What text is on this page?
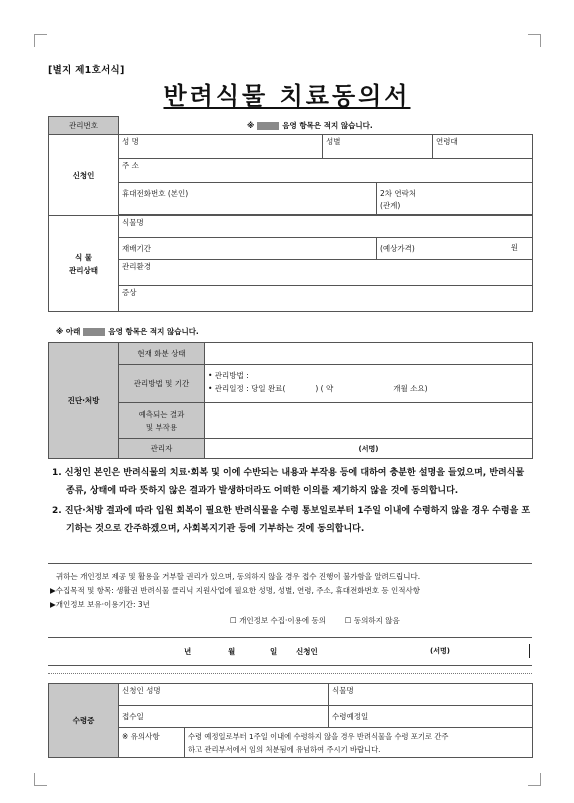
[별지 제1호서식]
반려식물 치료동의서
관리번호	※ 음영 항목은 적지 않습니다.			
신청인	성 명	성별		연령대
	주 소			
	휴대전화번호 (본인)		2차 연락처
(관계)	

식 물
관리상태	식물명			
	재배기간		(예상가격) 원	

	관리환경			
	증상			
※ 아래	음영 항목은 적지 않습니다.
진단·처방	현재 화분 상태	
	관리방법 및 기간	• 관리방법 :
• 관리일정 : 당일 완료( ) ( 약 개월 소요)

	예측되는 결과
및 부작용	

	관리자	(서명)

1. 신청인 본인은 반려식물의 치료·회복 및 이에 수반되는 내용과 부작용 등에 대하여 충분한 설명을 들었으며, 반려식물 종류, 상태에 따라 뜻하지 않은 결과가 발생하더라도 어떠한 이의를 제기하지 않을 것에 동의합니다.

2. 진단·처방 결과에 따라 입원 회복이 필요한 반려식물을 수령 통보일로부터 1주일 이내에 수령하지 않을 경우 수령을 포기하는 것으로 간주하겠으며, 사회복지기관 등에 기부하는 것에 동의합니다.

귀하는 개인정보 제공 및 활용을 거부할 권리가 있으며, 동의하지 않을 경우 접수 진행이 불가함을 알려드립니다.
▶수집목적 및 항목: 생활권 반려식물 클리닉 지원사업에 필요한 성명, 성별, 연령, 주소, 휴대전화번호 등 인적사항
▶개인정보 보유·이용기간: 3년
☐ 개인정보 수집·이용에 동의	☐ 동의하지 않음
년	월	일	신청인	(서명)
수령증	신청인 성명		식물명
	접수일		수령예정일
	※ 유의사항	수령 예정일로부터 1주일 이내에 수령하지 않을 경우 반려식물을 수령 포기로 간주
하고 관리부서에서 임의 처분됨에 유념하여 주시기 바랍니다.	
